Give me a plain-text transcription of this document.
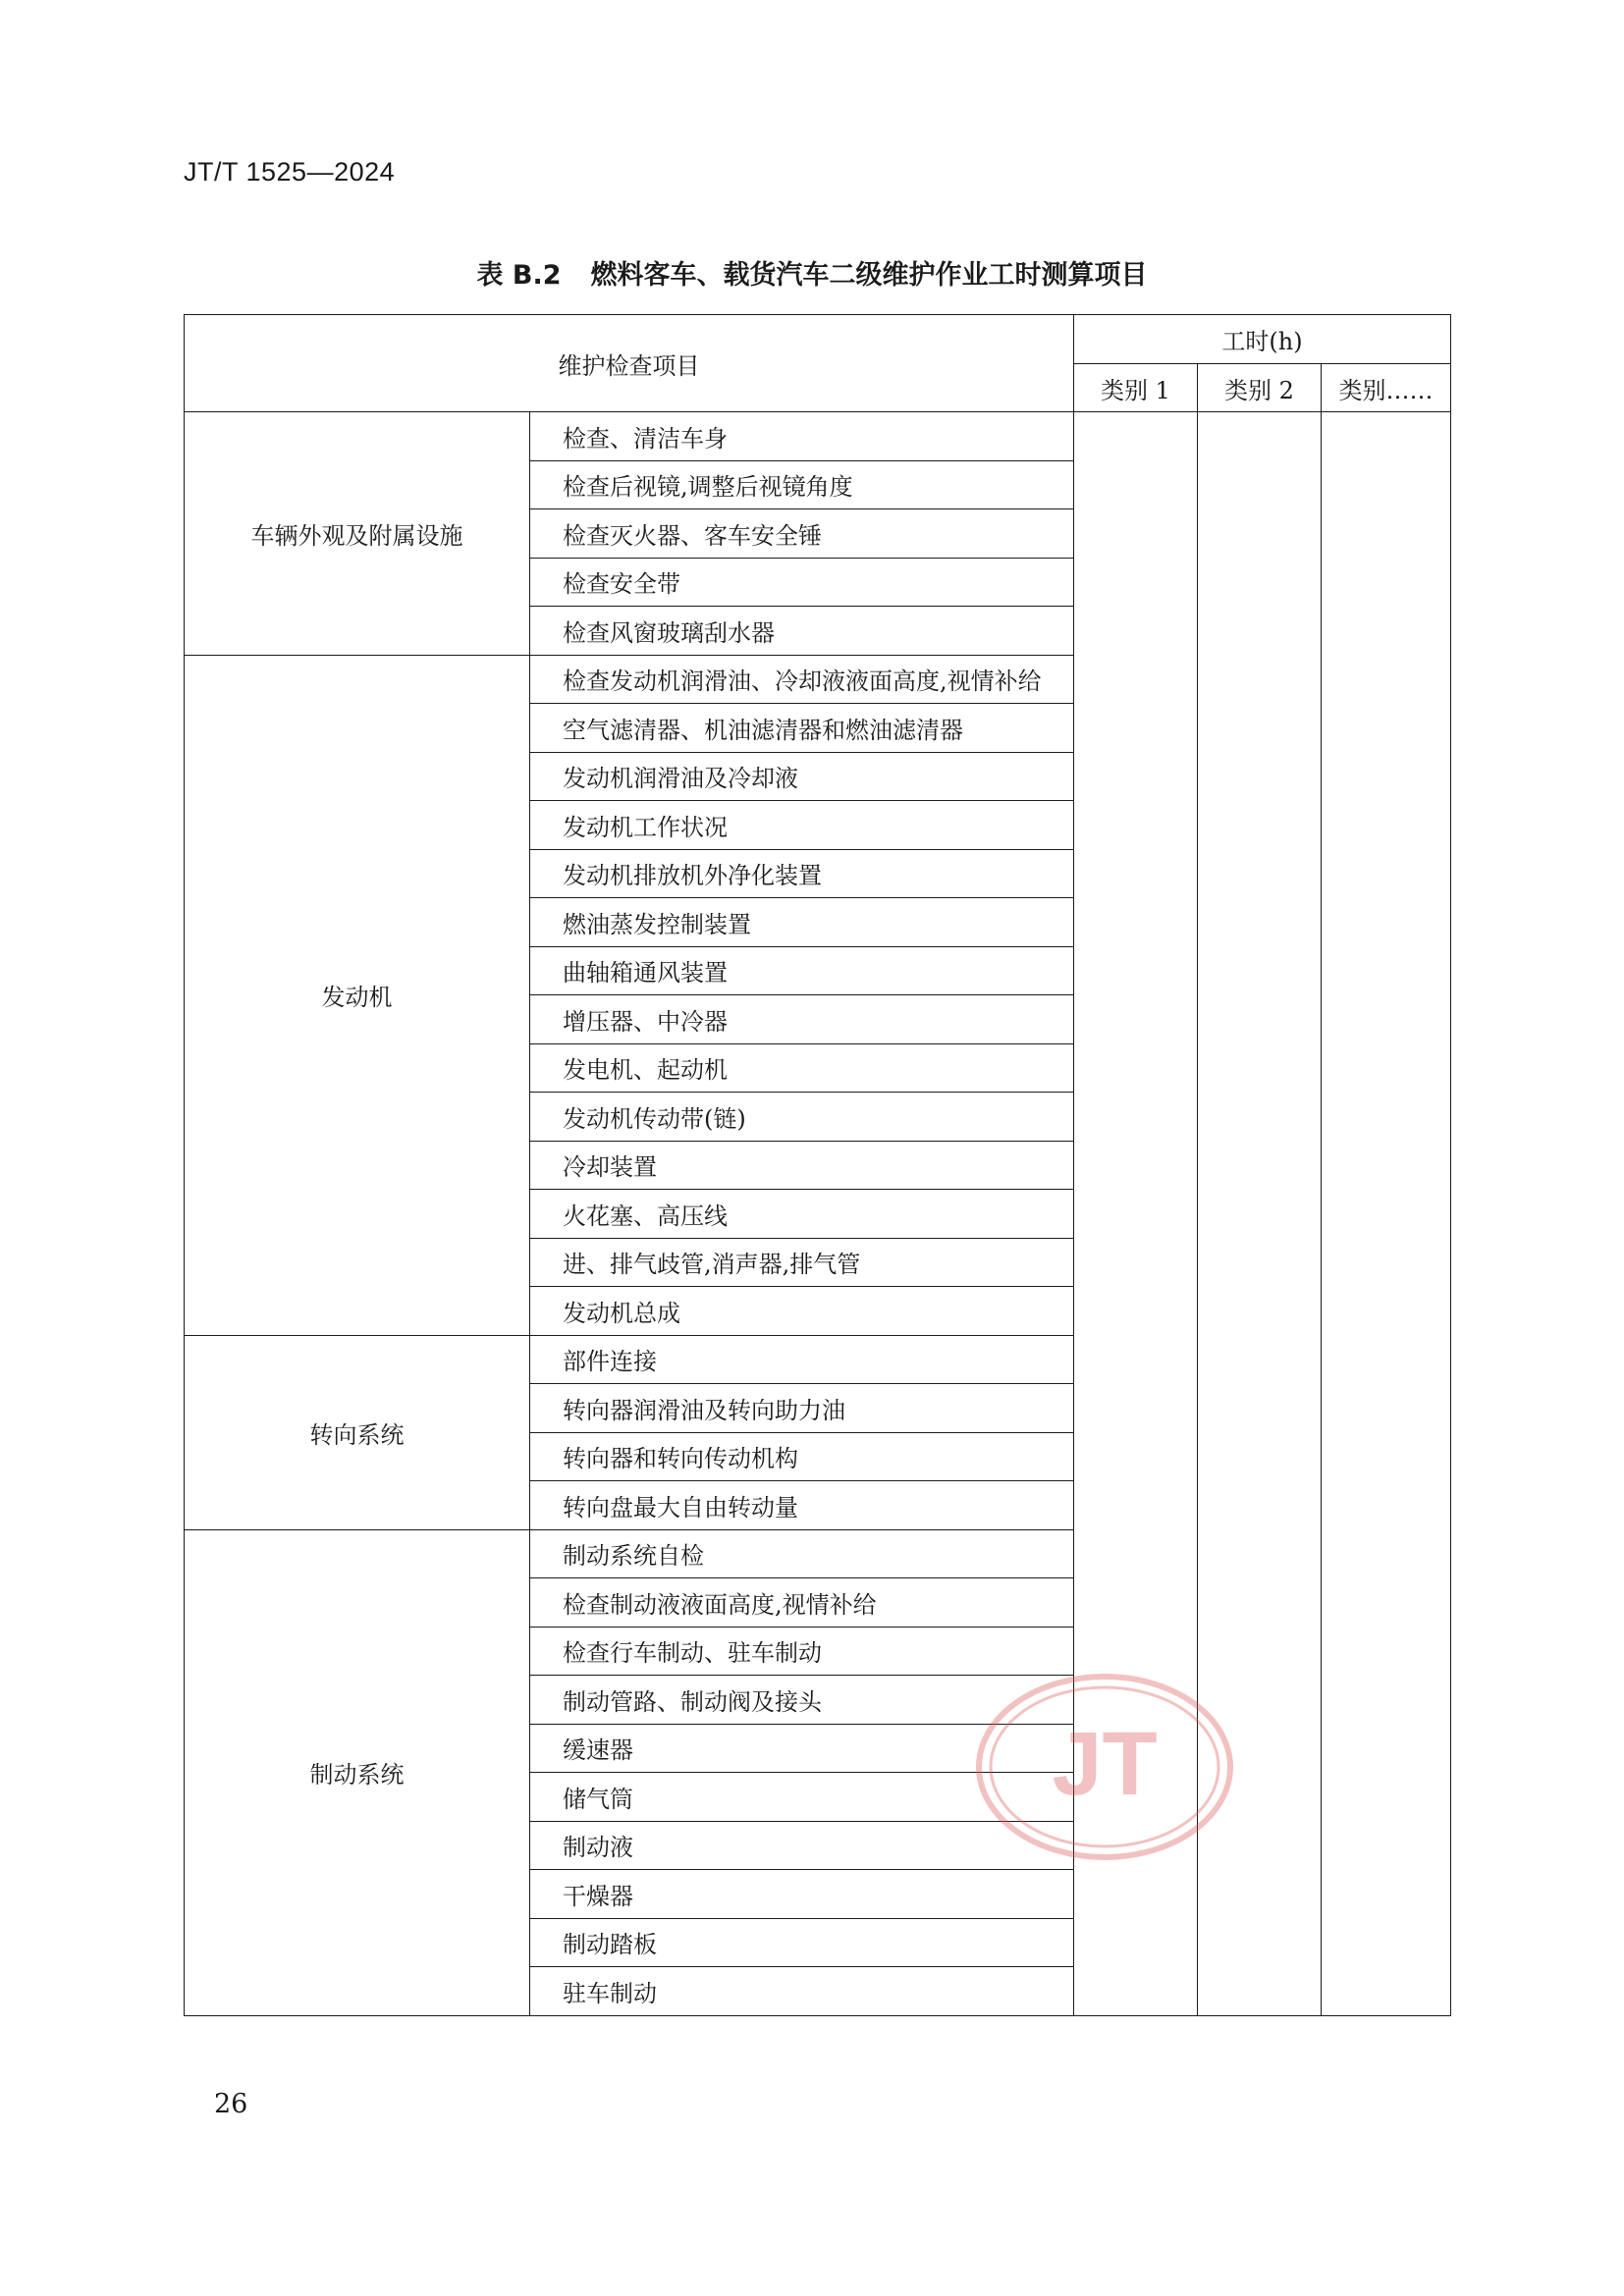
JT/T 1525—2024
表 B.2 燃料客车、载货汽车二级维护作业工时测算项目
维护检查项目		工时(h)		
		类别 1	类别 2	类别……
车辆外观及附属设施	检查、清洁车身			
	检查后视镜,调整后视镜角度			
	检查灭火器、客车安全锤			
	检查安全带			
	检查风窗玻璃刮水器			
发动机	检查发动机润滑油、冷却液液面高度,视情补给			
	空气滤清器、机油滤清器和燃油滤清器			
	发动机润滑油及冷却液			
	发动机工作状况			
	发动机排放机外净化装置			
	燃油蒸发控制装置			
	曲轴箱通风装置			
	增压器、中冷器			
	发电机、起动机			
	发动机传动带(链)			
	冷却装置			
	火花塞、高压线			
	进、排气歧管,消声器,排气管			
	发动机总成			
转向系统	部件连接			
	转向器润滑油及转向助力油			
	转向器和转向传动机构			
	转向盘最大自由转动量			
制动系统	制动系统自检			
	检查制动液液面高度,视情补给			
	检查行车制动、驻车制动			
	制动管路、制动阀及接头			
	缓速器			
	储气筒			
	制动液			
	干燥器			
	制动踏板			
	驻车制动			
JT
26
